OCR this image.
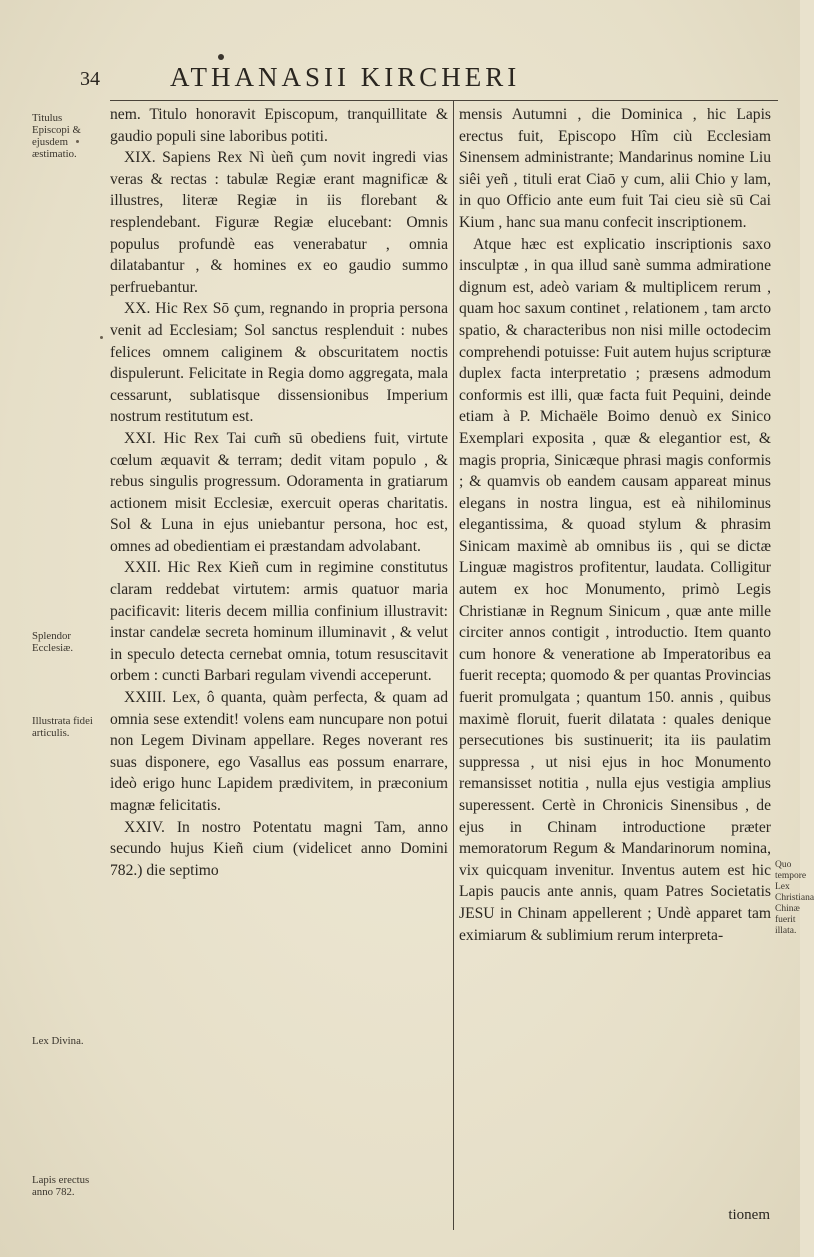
34	ATHANASII KIRCHERI
Titulus Episcopi & ejusdem æstimatio.
Splendor Ecclesiæ.
Illustrata fidei articulis.
Lex Divina.
Lapis erectus anno 782.
Quo tempore Lex Christiana Chinæ fuerit illata.

nem. Titulo honoravit Episcopum, tranquillitate & gaudio populi sine laboribus potiti.

XIX. Sapiens Rex Nì ùeñ çum novit ingredi vias veras & rectas : tabulæ Regiæ erant magnificæ & illustres, literæ Regiæ in iis florebant & resplendebant. Figuræ Regiæ elucebant: Omnis populus profundè eas venerabatur , omnia dilatabantur , & homines ex eo gaudio summo perfruebantur.

XX. Hic Rex Sō çum, regnando in propria persona venit ad Ecclesiam; Sol sanctus resplenduit : nubes felices omnem caliginem & obscuritatem noctis dispulerunt. Felicitate in Regia domo aggregata, mala cessarunt, sublatisque dissensionibus Imperium nostrum restitutum est.

XXI. Hic Rex Tai cum̃ sū obediens fuit, virtute cœlum æquavit & terram; dedit vitam populo , & rebus singulis progressum. Odoramenta in gratiarum actionem misit Ecclesiæ, exercuit operas charitatis. Sol & Luna in ejus uniebantur persona, hoc est, omnes ad obedientiam ei præstandam advolabant.

XXII. Hic Rex Kieñ cum in regimine constitutus claram reddebat virtutem: armis quatuor maria pacificavit: literis decem millia confinium illustravit: instar candelæ secreta hominum illuminavit , & velut in speculo detecta cernebat omnia, totum resuscitavit orbem : cuncti Barbari regulam vivendi acceperunt.

XXIII. Lex, ô quanta, quàm perfecta, & quam ad omnia sese extendit! volens eam nuncupare non potui non Legem Divinam appellare. Reges noverant res suas disponere, ego Vasallus eas possum enarrare, ideò erigo hunc Lapidem prædivitem, in præconium magnæ felicitatis.

XXIV. In nostro Potentatu magni Tam, anno secundo hujus Kieñ cium (videlicet anno Domini 782.) die septimo

mensis Autumni , die Dominica , hic Lapis erectus fuit, Episcopo Hîm ciù Ecclesiam Sinensem administrante; Mandarinus nomine Liu siêi yeñ , tituli erat Ciaō y cum, alii Chio y lam, in quo Officio ante eum fuit Tai cieu siè sū Cai Kium , hanc sua manu confecit inscriptionem.

Atque hæc est explicatio inscriptionis saxo insculptæ , in qua illud sanè summa admiratione dignum est, adeò variam & multiplicem rerum , quam hoc saxum continet , relationem , tam arcto spatio, & characteribus non nisi mille octodecim comprehendi potuisse: Fuit autem hujus scripturæ duplex facta interpretatio ; præsens admodum conformis est illi, quæ facta fuit Pequini, deinde etiam à P. Michaële Boimo denuò ex Sinico Exemplari exposita , quæ & elegantior est, & magis propria, Sinicæque phrasi magis conformis ; & quamvis ob eandem causam appareat minus elegans in nostra lingua, est eà nihilominus elegantissima, & quoad stylum & phrasim Sinicam maximè ab omnibus iis , qui se dictæ Linguæ magistros profitentur, laudata. Colligitur autem ex hoc Monumento, primò Legis Christianæ in Regnum Sinicum , quæ ante mille circiter annos contigit , introductio. Item quanto cum honore & veneratione ab Imperatoribus ea fuerit recepta; quomodo & per quantas Provincias fuerit promulgata ; quantum 150. annis , quibus maximè floruit, fuerit dilatata : quales denique persecutiones bis sustinuerit; ita iis paulatim suppressa , ut nisi ejus in hoc Monumento remansisset notitia , nulla ejus vestigia amplius superessent. Certè in Chronicis Sinensibus , de ejus in Chinam introductione præter memoratorum Regum & Mandarinorum nomina, vix quicquam invenitur. Inventus autem est hic Lapis paucis ante annis, quam Patres Societatis JESU in Chinam appellerent ; Undè apparet tam eximiarum & sublimium rerum interpreta-

tionem
